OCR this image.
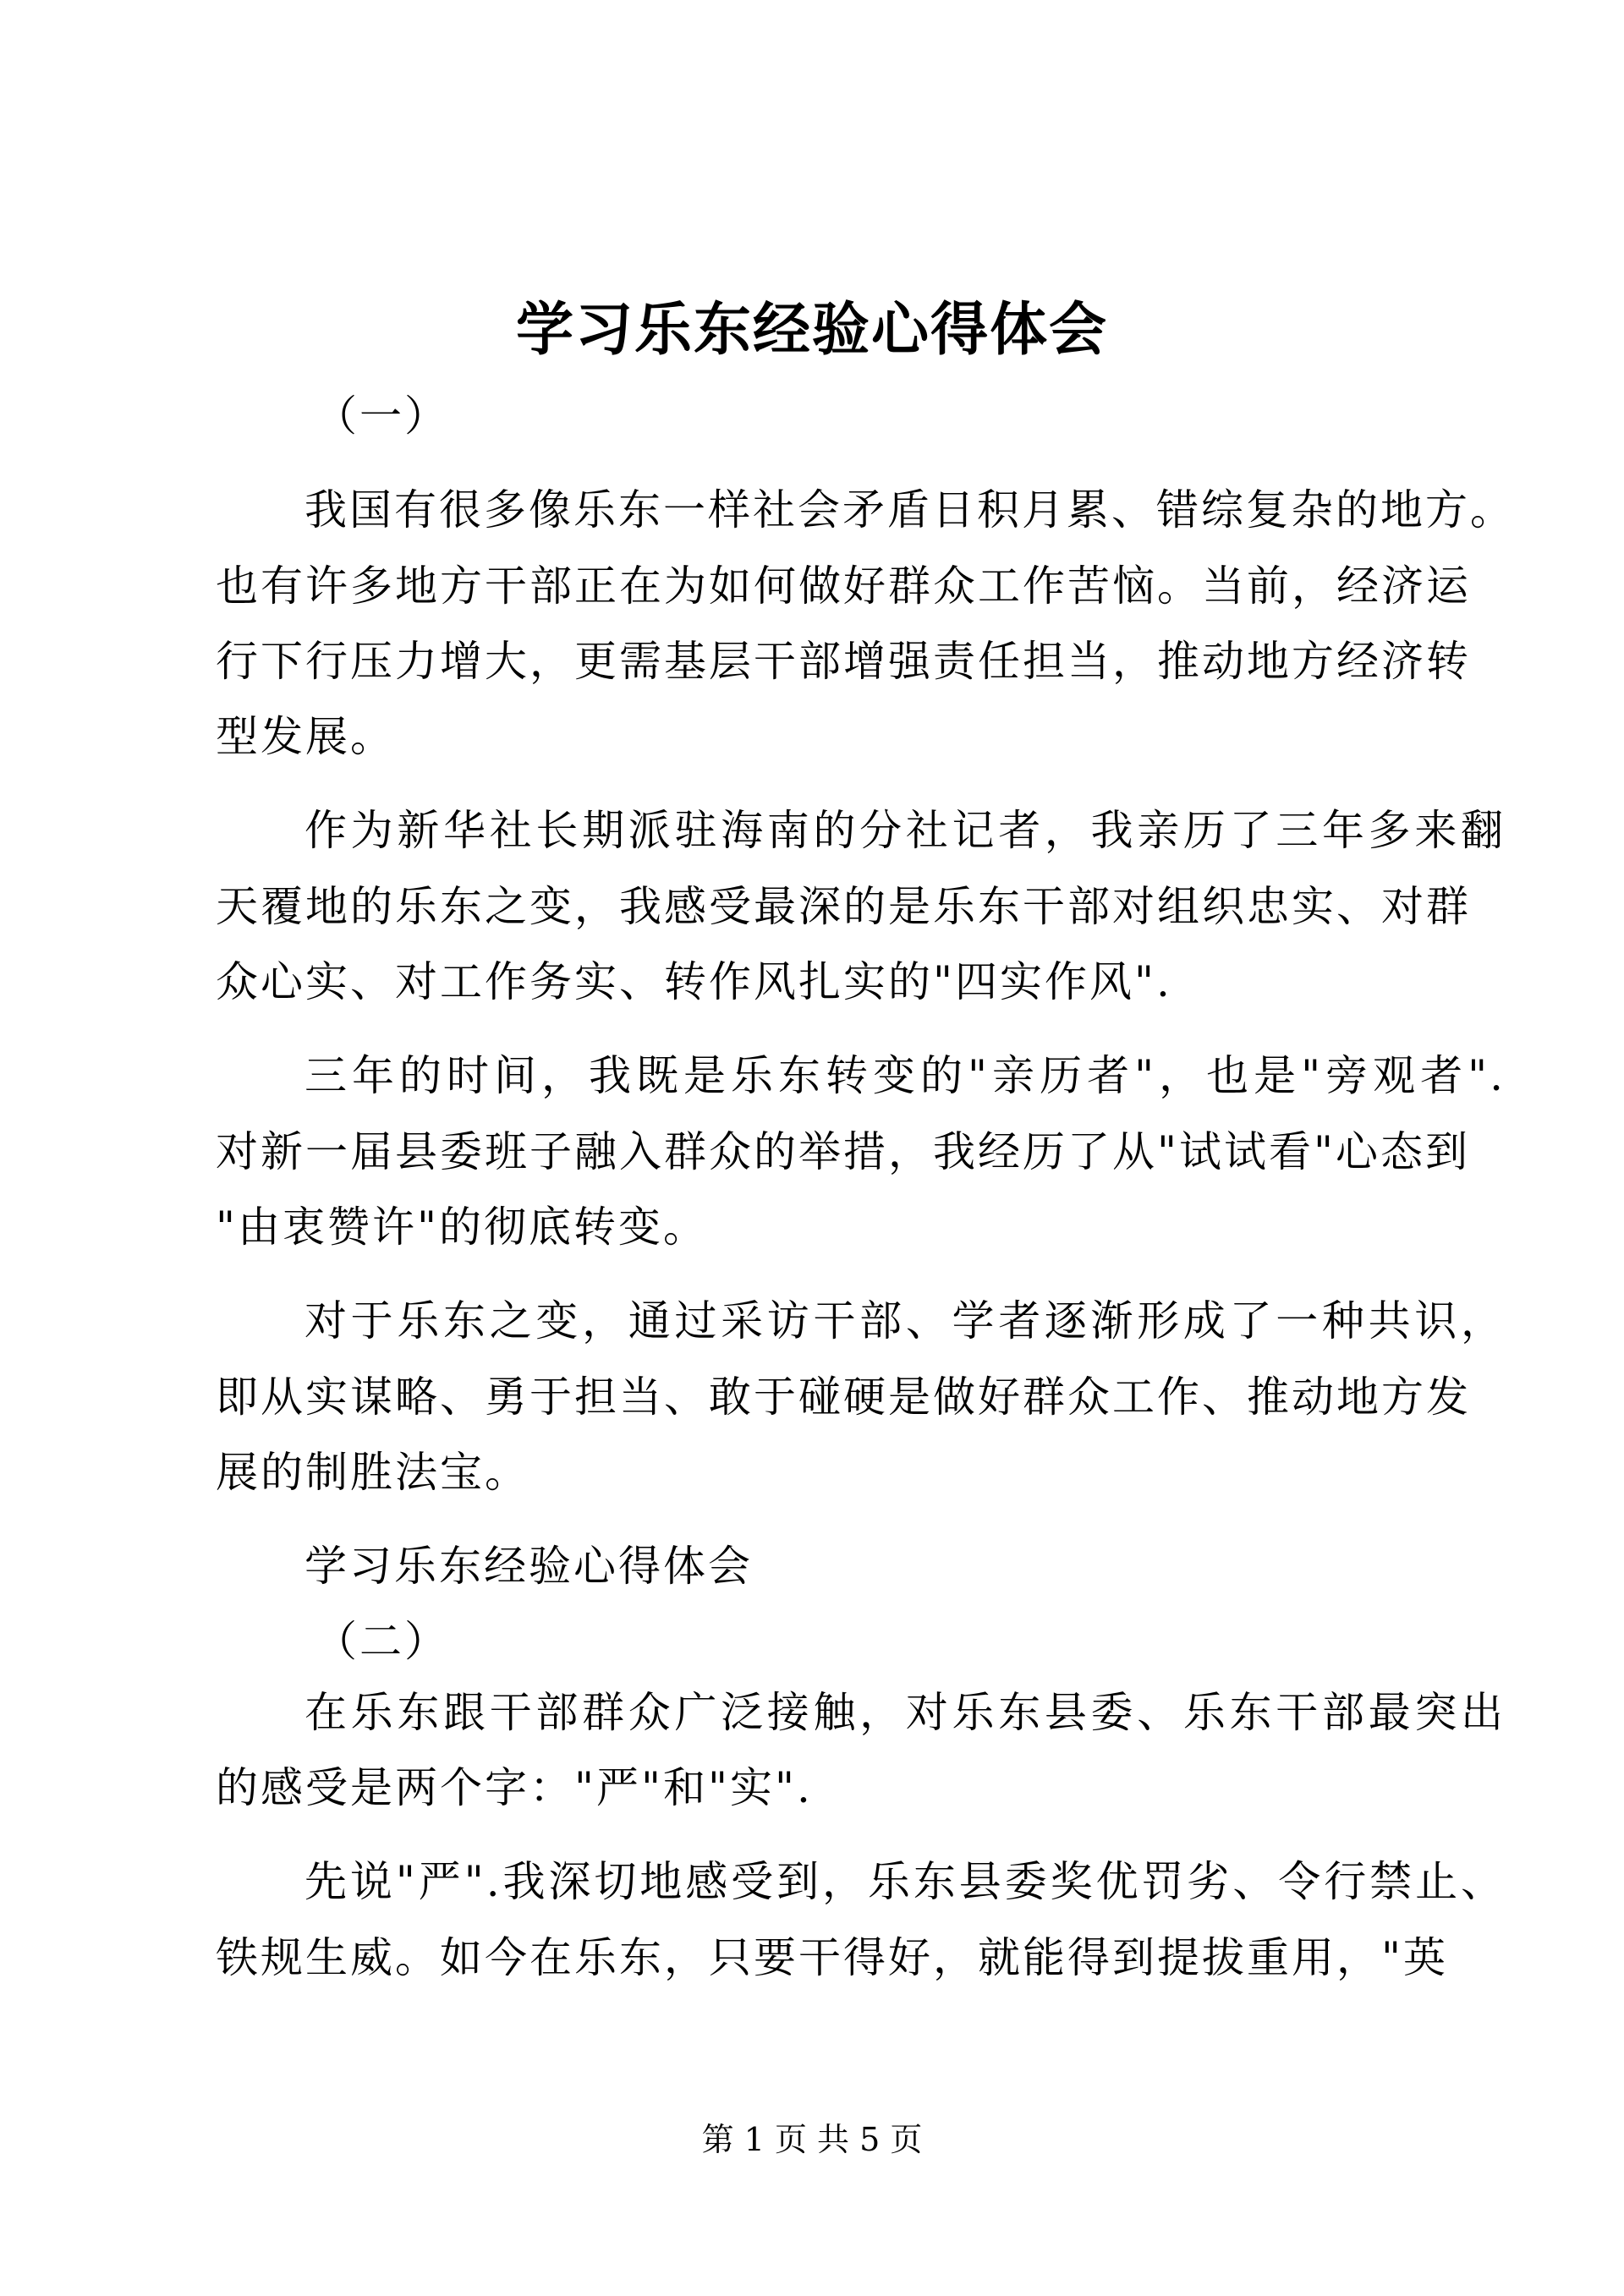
学习乐东经验心得体会
（一）
我国有很多像乐东一样社会矛盾日积月累、错综复杂的地方。
也有许多地方干部正在为如何做好群众工作苦恼。当前，经济运
行下行压力增大，更需基层干部增强责任担当，推动地方经济转
型发展。
作为新华社长期派驻海南的分社记者，我亲历了三年多来翻
天覆地的乐东之变，我感受最深的是乐东干部对组织忠实、对群
众心实、对工作务实、转作风扎实的"四实作风".
三年的时间，我既是乐东转变的"亲历者"，也是"旁观者".
对新一届县委班子融入群众的举措，我经历了从"试试看"心态到
"由衷赞许"的彻底转变。
对于乐东之变，通过采访干部、学者逐渐形成了一种共识，
即从实谋略、勇于担当、敢于碰硬是做好群众工作、推动地方发
展的制胜法宝。
学习乐东经验心得体会
（二）
在乐东跟干部群众广泛接触，对乐东县委、乐东干部最突出
的感受是两个字："严"和"实".
先说"严".我深切地感受到，乐东县委奖优罚劣、令行禁止、
铁规生威。如今在乐东，只要干得好，就能得到提拔重用，"英
第 1 页 共 5 页
